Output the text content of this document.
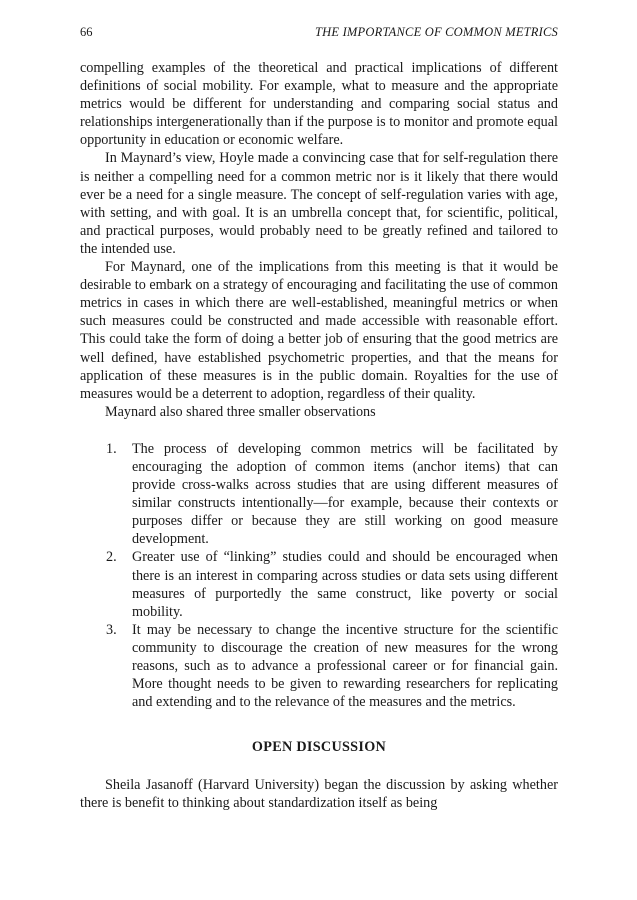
66	THE IMPORTANCE OF COMMON METRICS

compelling examples of the theoretical and practical implications of different definitions of social mobility. For example, what to measure and the appropriate metrics would be different for understanding and comparing social status and relationships intergenerationally than if the purpose is to monitor and promote equal opportunity in education or economic welfare.

In Maynard’s view, Hoyle made a convincing case that for self-regulation there is neither a compelling need for a common metric nor is it likely that there would ever be a need for a single measure. The concept of self-regulation varies with age, with setting, and with goal. It is an umbrella concept that, for scientific, political, and practical purposes, would probably need to be greatly refined and tailored to the intended use.

For Maynard, one of the implications from this meeting is that it would be desirable to embark on a strategy of encouraging and facilitating the use of common metrics in cases in which there are well-established, meaningful metrics or when such measures could be constructed and made accessible with reasonable effort. This could take the form of doing a better job of ensuring that the good metrics are well defined, have established psychometric properties, and that the means for application of these measures is in the public domain. Royalties for the use of measures would be a deterrent to adoption, regardless of their quality.

Maynard also shared three smaller observations

1. The process of developing common metrics will be facilitated by encouraging the adoption of common items (anchor items) that can provide cross-walks across studies that are using different measures of similar constructs intentionally—for example, because their contexts or purposes differ or because they are still working on good measure development.
2. Greater use of “linking” studies could and should be encouraged when there is an interest in comparing across studies or data sets using different measures of purportedly the same construct, like poverty or social mobility.
3. It may be necessary to change the incentive structure for the scientific community to discourage the creation of new measures for the wrong reasons, such as to advance a professional career or for financial gain. More thought needs to be given to rewarding researchers for replicating and extending and to the relevance of the measures and the metrics.
OPEN DISCUSSION

Sheila Jasanoff (Harvard University) began the discussion by asking whether there is benefit to thinking about standardization itself as being
